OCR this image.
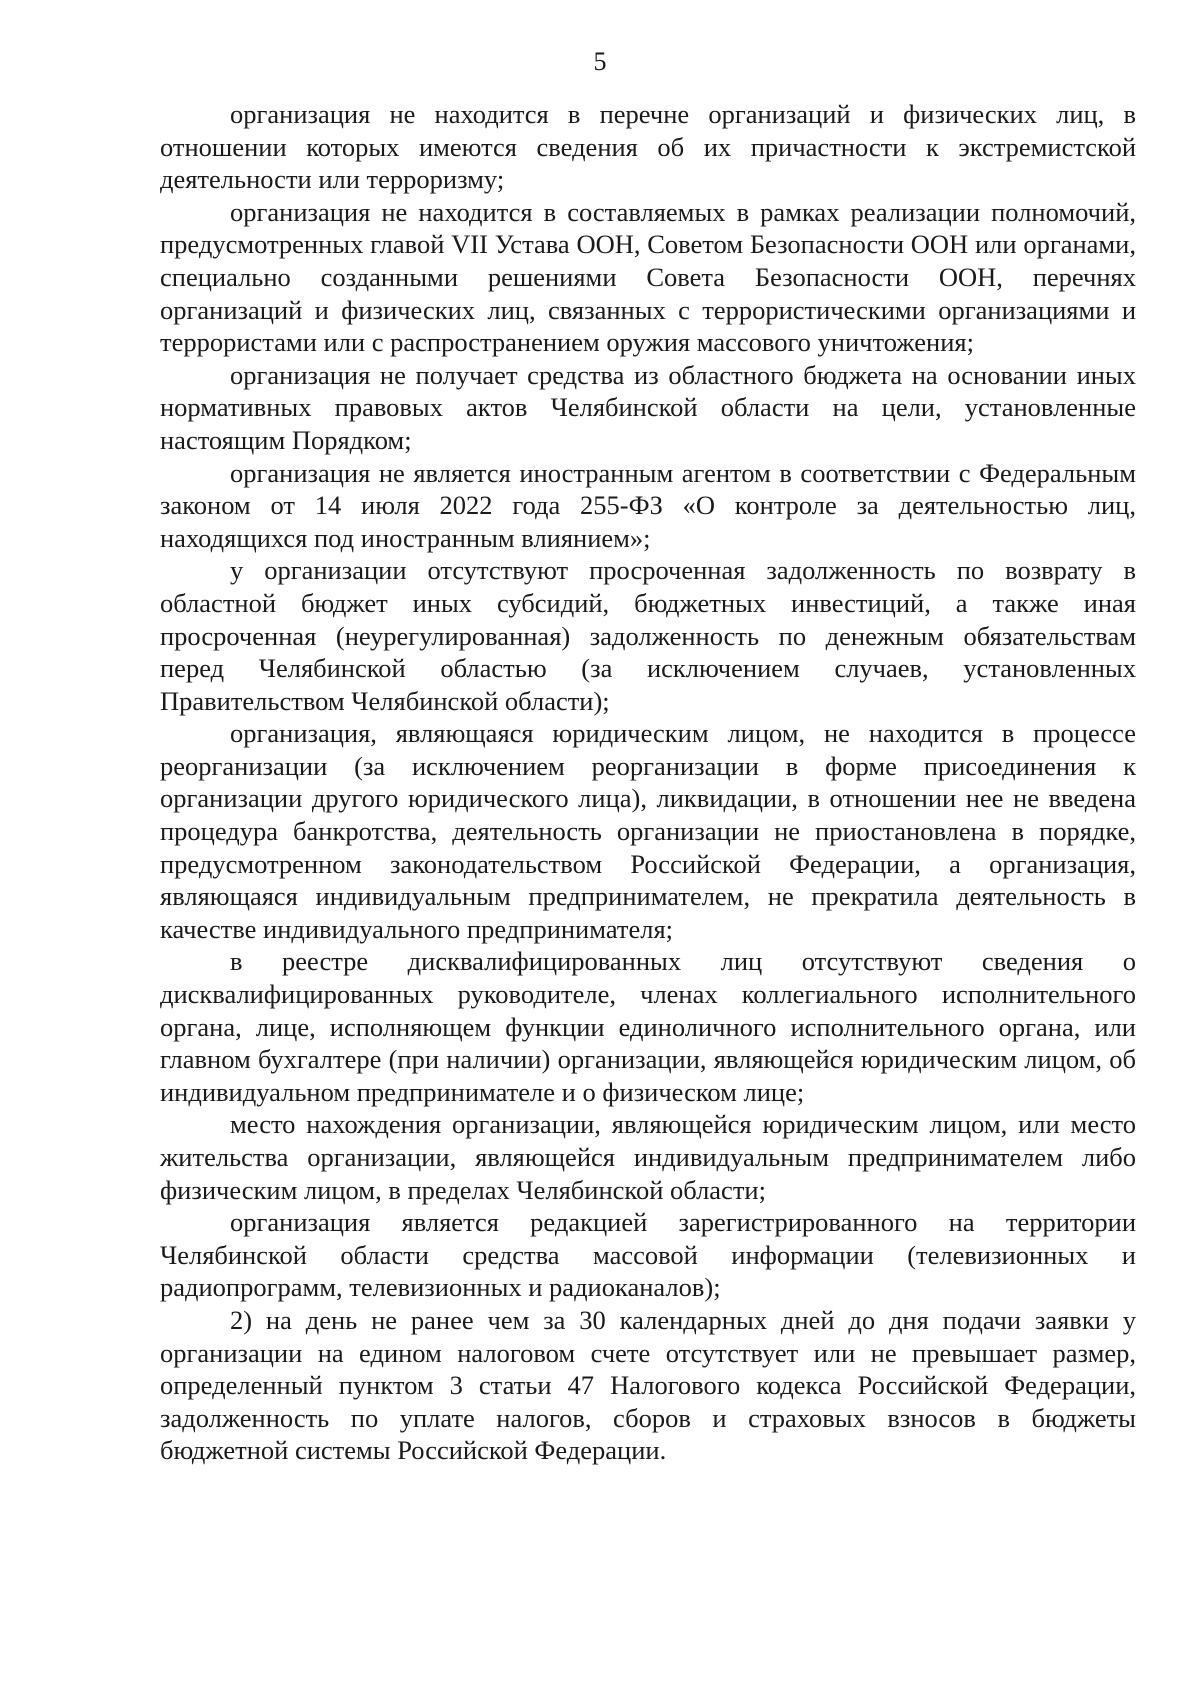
5

организация не находится в перечне организаций и физических лиц, в отношении которых имеются сведения об их причастности к экстремистской деятельности или терроризму;

организация не находится в составляемых в рамках реализации полномочий, предусмотренных главой VII Устава ООН, Советом Безопасности ООН или органами, специально созданными решениями Совета Безопасности ООН, перечнях организаций и физических лиц, связанных с террористическими организациями и террористами или с распространением оружия массового уничтожения;

организация не получает средства из областного бюджета на основании иных нормативных правовых актов Челябинской области на цели, установленные настоящим Порядком;

организация не является иностранным агентом в соответствии с Федеральным законом от 14 июля 2022 года 255-ФЗ «О контроле за деятельностью лиц, находящихся под иностранным влиянием»;

у организации отсутствуют просроченная задолженность по возврату в областной бюджет иных субсидий, бюджетных инвестиций, а также иная просроченная (неурегулированная) задолженность по денежным обязательствам перед Челябинской областью (за исключением случаев, установленных Правительством Челябинской области);

организация, являющаяся юридическим лицом, не находится в процессе реорганизации (за исключением реорганизации в форме присоединения к организации другого юридического лица), ликвидации, в отношении нее не введена процедура банкротства, деятельность организации не приостановлена в порядке, предусмотренном законодательством Российской Федерации, а организация, являющаяся индивидуальным предпринимателем, не прекратила деятельность в качестве индивидуального предпринимателя;

в реестре дисквалифицированных лиц отсутствуют сведения о дисквалифицированных руководителе, членах коллегиального исполнительного органа, лице, исполняющем функции единоличного исполнительного органа, или главном бухгалтере (при наличии) организации, являющейся юридическим лицом, об индивидуальном предпринимателе и о физическом лице;

место нахождения организации, являющейся юридическим лицом, или место жительства организации, являющейся индивидуальным предпринимателем либо физическим лицом, в пределах Челябинской области;

организация является редакцией зарегистрированного на территории Челябинской области средства массовой информации (телевизионных и радиопрограмм, телевизионных и радиоканалов);

2) на день не ранее чем за 30 календарных дней до дня подачи заявки у организации на едином налоговом счете отсутствует или не превышает размер, определенный пунктом 3 статьи 47 Налогового кодекса Российской Федерации, задолженность по уплате налогов, сборов и страховых взносов в бюджеты бюджетной системы Российской Федерации.
